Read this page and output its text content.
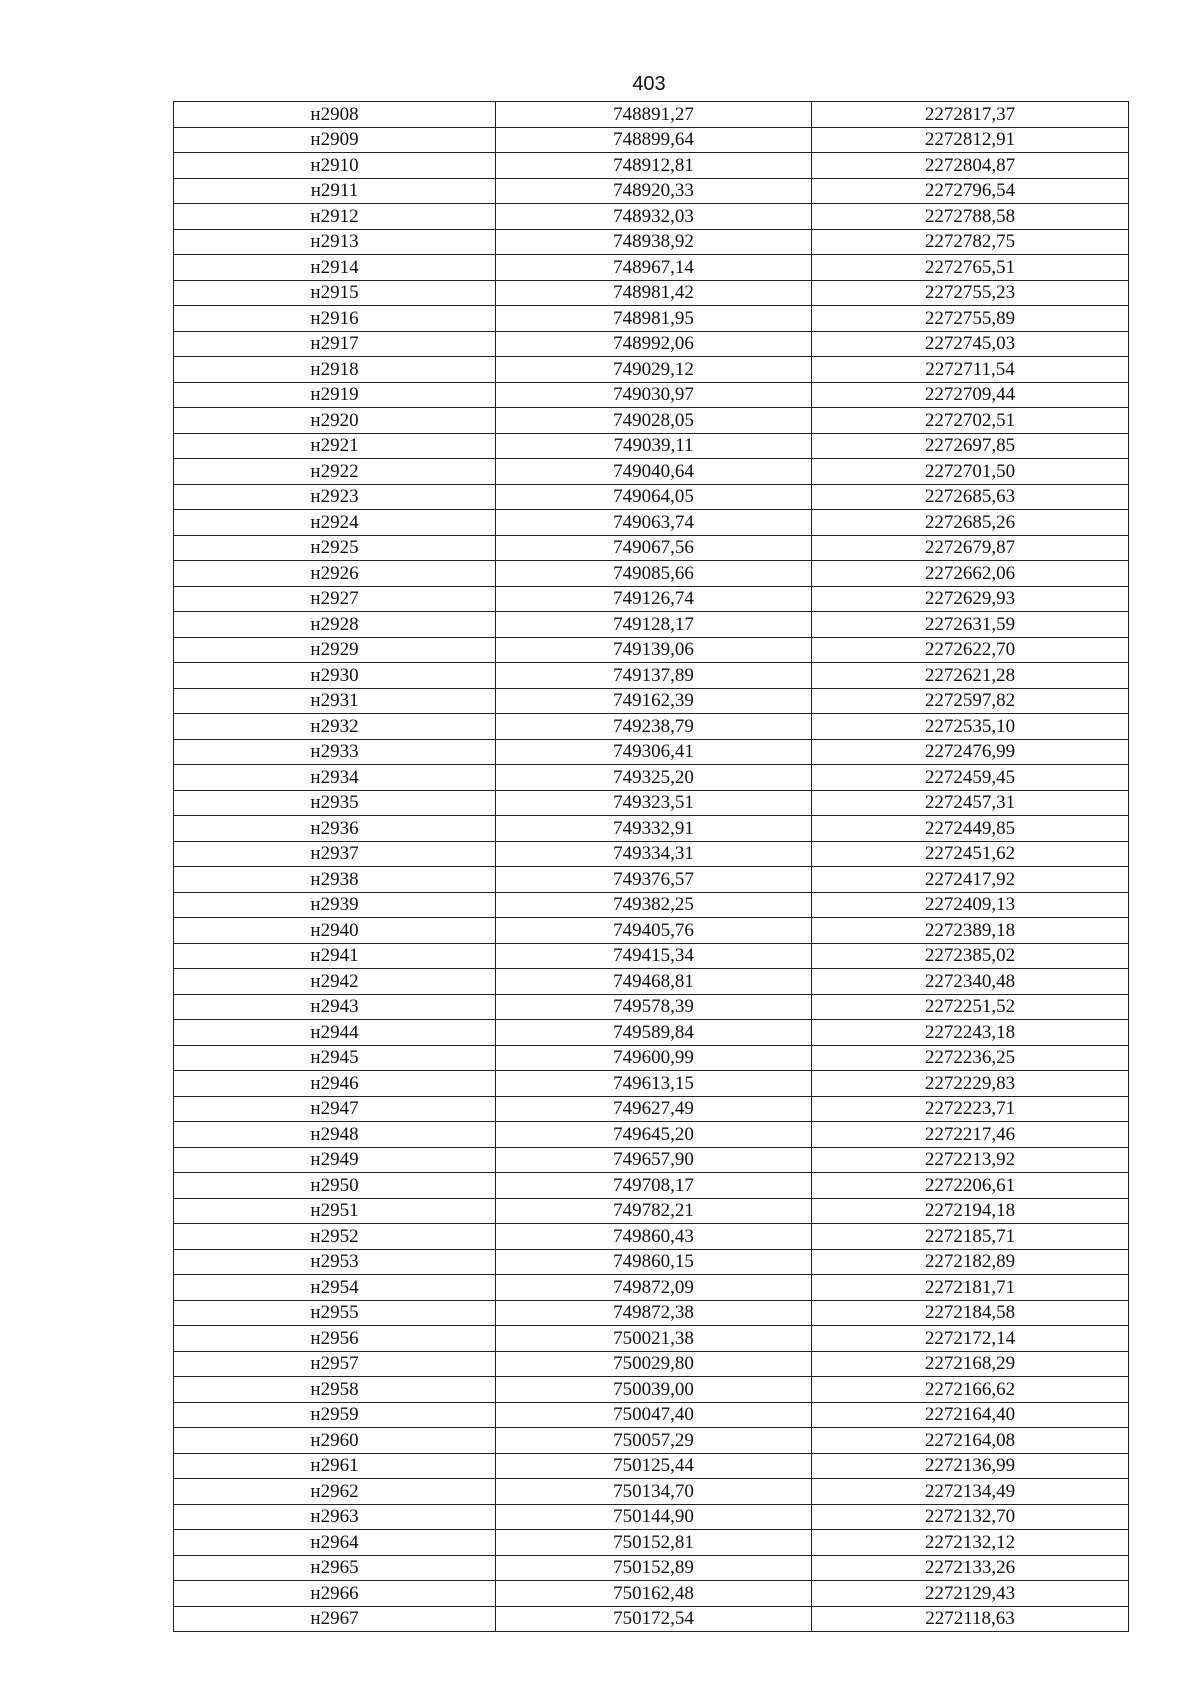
403
н2908	748891,27	2272817,37
н2909	748899,64	2272812,91
н2910	748912,81	2272804,87
н2911	748920,33	2272796,54
н2912	748932,03	2272788,58
н2913	748938,92	2272782,75
н2914	748967,14	2272765,51
н2915	748981,42	2272755,23
н2916	748981,95	2272755,89
н2917	748992,06	2272745,03
н2918	749029,12	2272711,54
н2919	749030,97	2272709,44
н2920	749028,05	2272702,51
н2921	749039,11	2272697,85
н2922	749040,64	2272701,50
н2923	749064,05	2272685,63
н2924	749063,74	2272685,26
н2925	749067,56	2272679,87
н2926	749085,66	2272662,06
н2927	749126,74	2272629,93
н2928	749128,17	2272631,59
н2929	749139,06	2272622,70
н2930	749137,89	2272621,28
н2931	749162,39	2272597,82
н2932	749238,79	2272535,10
н2933	749306,41	2272476,99
н2934	749325,20	2272459,45
н2935	749323,51	2272457,31
н2936	749332,91	2272449,85
н2937	749334,31	2272451,62
н2938	749376,57	2272417,92
н2939	749382,25	2272409,13
н2940	749405,76	2272389,18
н2941	749415,34	2272385,02
н2942	749468,81	2272340,48
н2943	749578,39	2272251,52
н2944	749589,84	2272243,18
н2945	749600,99	2272236,25
н2946	749613,15	2272229,83
н2947	749627,49	2272223,71
н2948	749645,20	2272217,46
н2949	749657,90	2272213,92
н2950	749708,17	2272206,61
н2951	749782,21	2272194,18
н2952	749860,43	2272185,71
н2953	749860,15	2272182,89
н2954	749872,09	2272181,71
н2955	749872,38	2272184,58
н2956	750021,38	2272172,14
н2957	750029,80	2272168,29
н2958	750039,00	2272166,62
н2959	750047,40	2272164,40
н2960	750057,29	2272164,08
н2961	750125,44	2272136,99
н2962	750134,70	2272134,49
н2963	750144,90	2272132,70
н2964	750152,81	2272132,12
н2965	750152,89	2272133,26
н2966	750162,48	2272129,43
н2967	750172,54	2272118,63
